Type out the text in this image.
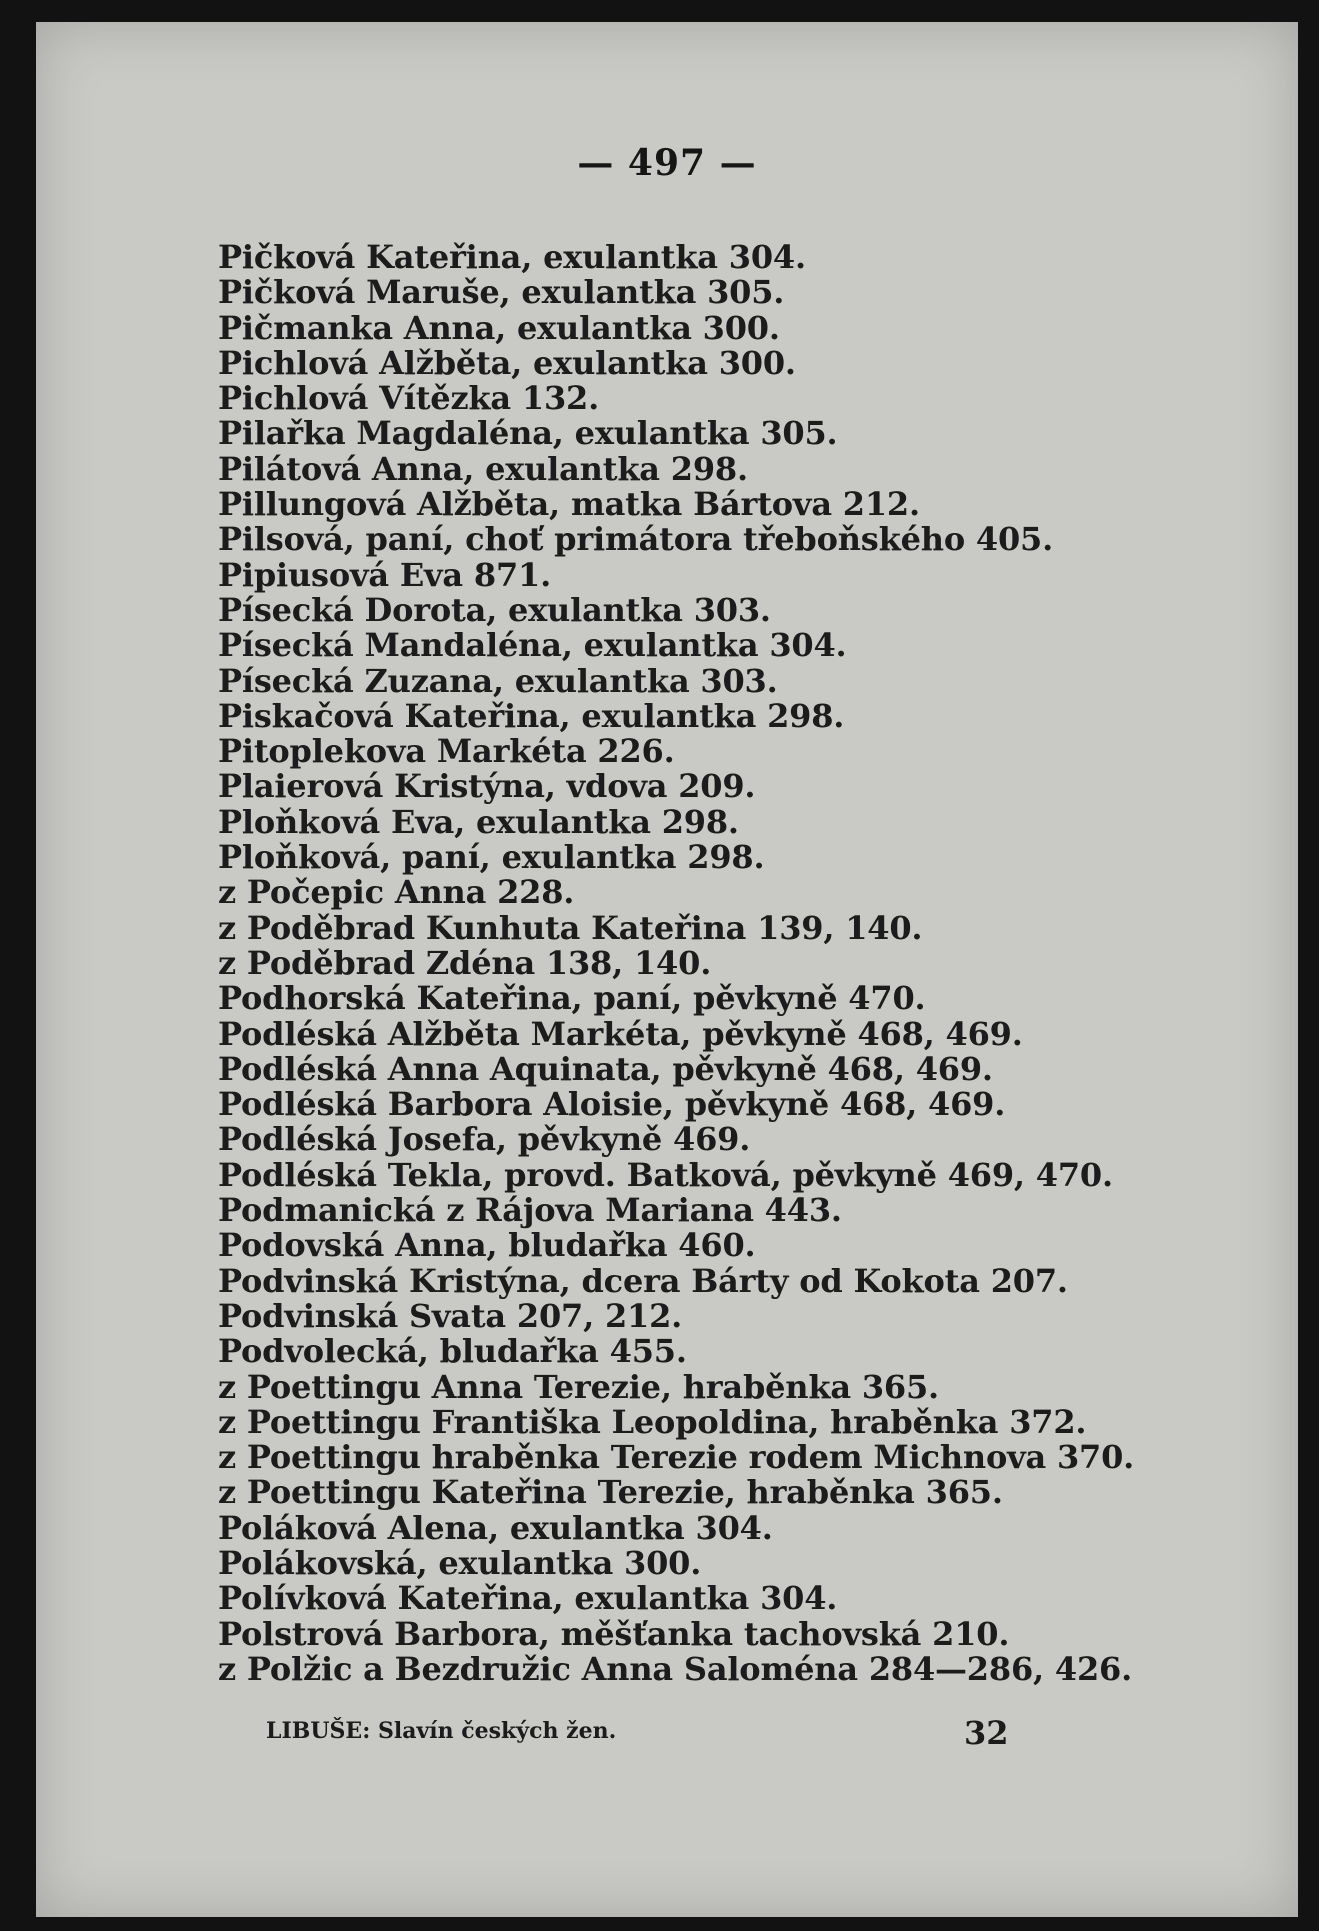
— 497 —
Pičková Kateřina, exulantka 304.
Pičková Maruše, exulantka 305.
Pičmanka Anna, exulantka 300.
Pichlová Alžběta, exulantka 300.
Pichlová Vítězka 132.
Pilařka Magdaléna, exulantka 305.
Pilátová Anna, exulantka 298.
Pillungová Alžběta, matka Bártova 212.
Pilsová, paní, choť primátora třeboňského 405.
Pipiusová Eva 871.
Písecká Dorota, exulantka 303.
Písecká Mandaléna, exulantka 304.
Písecká Zuzana, exulantka 303.
Piskačová Kateřina, exulantka 298.
Pitoplekova Markéta 226.
Plaierová Kristýna, vdova 209.
Ploňková Eva, exulantka 298.
Ploňková, paní, exulantka 298.
z Počepic Anna 228.
z Poděbrad Kunhuta Kateřina 139, 140.
z Poděbrad Zdéna 138, 140.
Podhorská Kateřina, paní, pěvkyně 470.
Podléská Alžběta Markéta, pěvkyně 468, 469.
Podléská Anna Aquinata, pěvkyně 468, 469.
Podléská Barbora Aloisie, pěvkyně 468, 469.
Podléská Josefa, pěvkyně 469.
Podléská Tekla, provd. Batková, pěvkyně 469, 470.
Podmanická z Rájova Mariana 443.
Podovská Anna, bludařka 460.
Podvinská Kristýna, dcera Bárty od Kokota 207.
Podvinská Svata 207, 212.
Podvolecká, bludařka 455.
z Poettingu Anna Terezie, hraběnka 365.
z Poettingu Františka Leopoldina, hraběnka 372.
z Poettingu hraběnka Terezie rodem Michnova 370.
z Poettingu Kateřina Terezie, hraběnka 365.
Poláková Alena, exulantka 304.
Polákovská, exulantka 300.
Polívková Kateřina, exulantka 304.
Polstrová Barbora, měšťanka tachovská 210.
z Polžic a Bezdružic Anna Saloména 284—286, 426.
LIBUŠE: Slavín českých žen.	32
